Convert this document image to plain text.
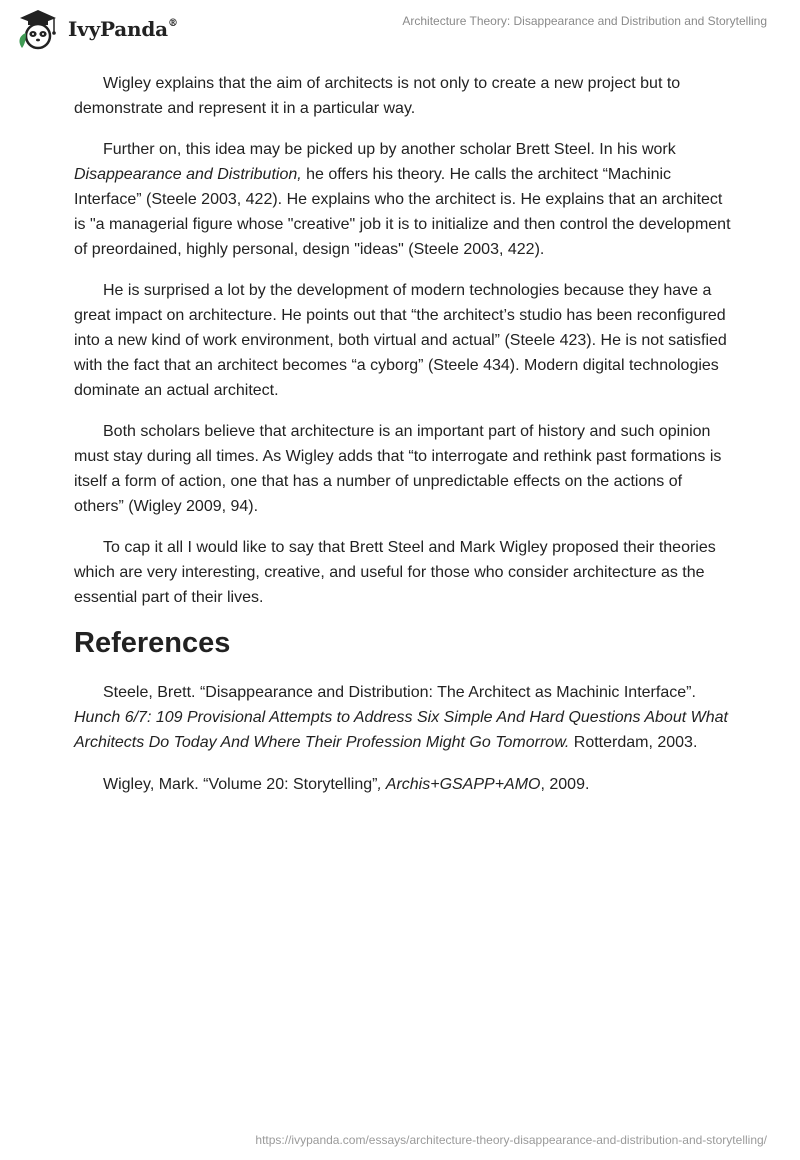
IvyPanda®	Architecture Theory: Disappearance and Distribution and Storytelling

Wigley explains that the aim of architects is not only to create a new project but to demonstrate and represent it in a particular way.

Further on, this idea may be picked up by another scholar Brett Steel. In his work Disappearance and Distribution, he offers his theory. He calls the architect “Machinic Interface” (Steele 2003, 422). He explains who the architect is. He explains that an architect is "a managerial figure whose "creative" job it is to initialize and then control the development of preordained, highly personal, design "ideas" (Steele 2003, 422).

He is surprised a lot by the development of modern technologies because they have a great impact on architecture. He points out that “the architect’s studio has been reconfigured into a new kind of work environment, both virtual and actual” (Steele 423). He is not satisfied with the fact that an architect becomes “a cyborg” (Steele 434). Modern digital technologies dominate an actual architect.

Both scholars believe that architecture is an important part of history and such opinion must stay during all times. As Wigley adds that “to interrogate and rethink past formations is itself a form of action, one that has a number of unpredictable effects on the actions of others” (Wigley 2009, 94).

To cap it all I would like to say that Brett Steel and Mark Wigley proposed their theories which are very interesting, creative, and useful for those who consider architecture as the essential part of their lives.

References

Steele, Brett. “Disappearance and Distribution: The Architect as Machinic Interface”. Hunch 6/7: 109 Provisional Attempts to Address Six Simple And Hard Questions About What Architects Do Today And Where Their Profession Might Go Tomorrow. Rotterdam, 2003.

Wigley, Mark. “Volume 20: Storytelling”, Archis+GSAPP+AMO, 2009.

https://ivypanda.com/essays/architecture-theory-disappearance-and-distribution-and-storytelling/
